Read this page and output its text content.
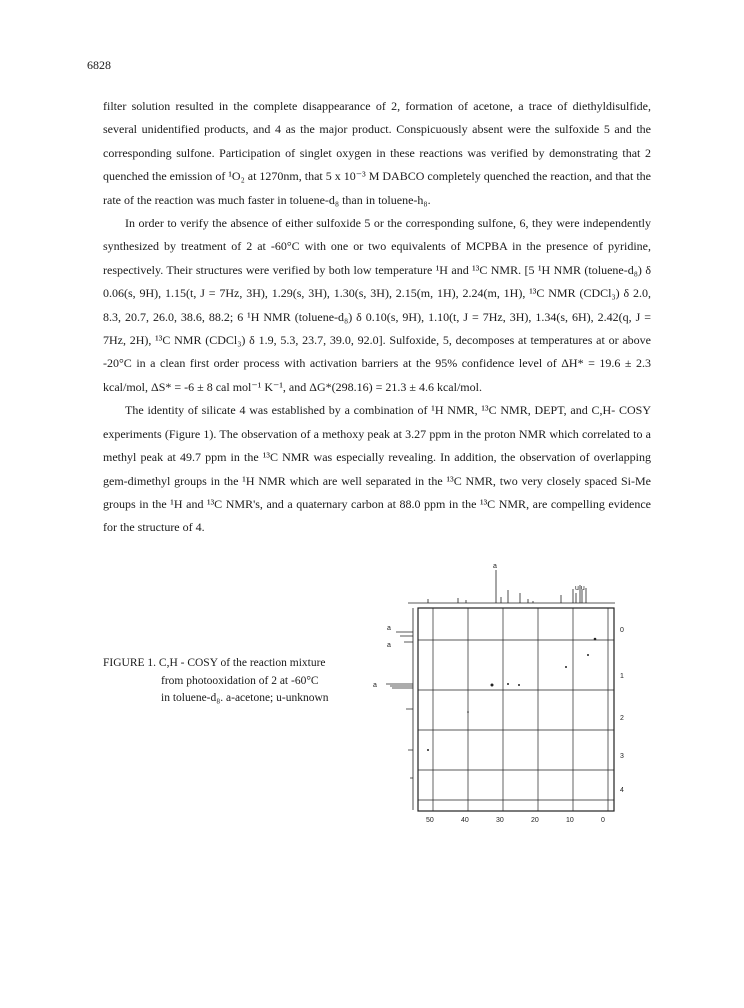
6828

filter solution resulted in the complete disappearance of 2, formation of acetone, a trace of diethyldisulfide, several unidentified products, and 4 as the major product. Conspicuously absent were the sulfoxide 5 and the corresponding sulfone. Participation of singlet oxygen in these reactions was verified by demonstrating that 2 quenched the emission of ¹O₂ at 1270nm, that 5 x 10⁻³ M DABCO completely quenched the reaction, and that the rate of the reaction was much faster in toluene-d₈ than in toluene-h₈.

In order to verify the absence of either sulfoxide 5 or the corresponding sulfone, 6, they were independently synthesized by treatment of 2 at -60°C with one or two equivalents of MCPBA in the presence of pyridine, respectively. Their structures were verified by both low temperature ¹H and ¹³C NMR. [5 ¹H NMR (toluene-d₈) δ 0.06(s, 9H), 1.15(t, J = 7Hz, 3H), 1.29(s, 3H), 1.30(s, 3H), 2.15(m, 1H), 2.24(m, 1H), ¹³C NMR (CDCl₃) δ 2.0, 8.3, 20.7, 26.0, 38.6, 88.2; 6 ¹H NMR (toluene-d₈) δ 0.10(s, 9H), 1.10(t, J = 7Hz, 3H), 1.34(s, 6H), 2.42(q, J = 7Hz, 2H), ¹³C NMR (CDCl₃) δ 1.9, 5.3, 23.7, 39.0, 92.0]. Sulfoxide, 5, decomposes at temperatures at or above -20°C in a clean first order process with activation barriers at the 95% confidence level of ΔH* = 19.6 ± 2.3 kcal/mol, ΔS* = -6 ± 8 cal mol⁻¹ K⁻¹, and ΔG*(298.16) = 21.3 ± 4.6 kcal/mol.

The identity of silicate 4 was established by a combination of ¹H NMR, ¹³C NMR, DEPT, and C,H- COSY experiments (Figure 1). The observation of a methoxy peak at 3.27 ppm in the proton NMR which correlated to a methyl peak at 49.7 ppm in the ¹³C NMR was especially revealing. In addition, the observation of overlapping gem-dimethyl groups in the ¹H NMR which are well separated in the ¹³C NMR, two very closely spaced Si-Me groups in the ¹H and ¹³C NMR's, and a quaternary carbon at 88.0 ppm in the ¹³C NMR, are compelling evidence for the structure of 4.

FIGURE 1. C,H - COSY of the reaction mixture
from photooxidation of 2 at -60°C
in toluene-d₈. a-acetone; u-unknown
a
u u
a
a
a
0
1
2
3
4
50	40	30	20	10	0
